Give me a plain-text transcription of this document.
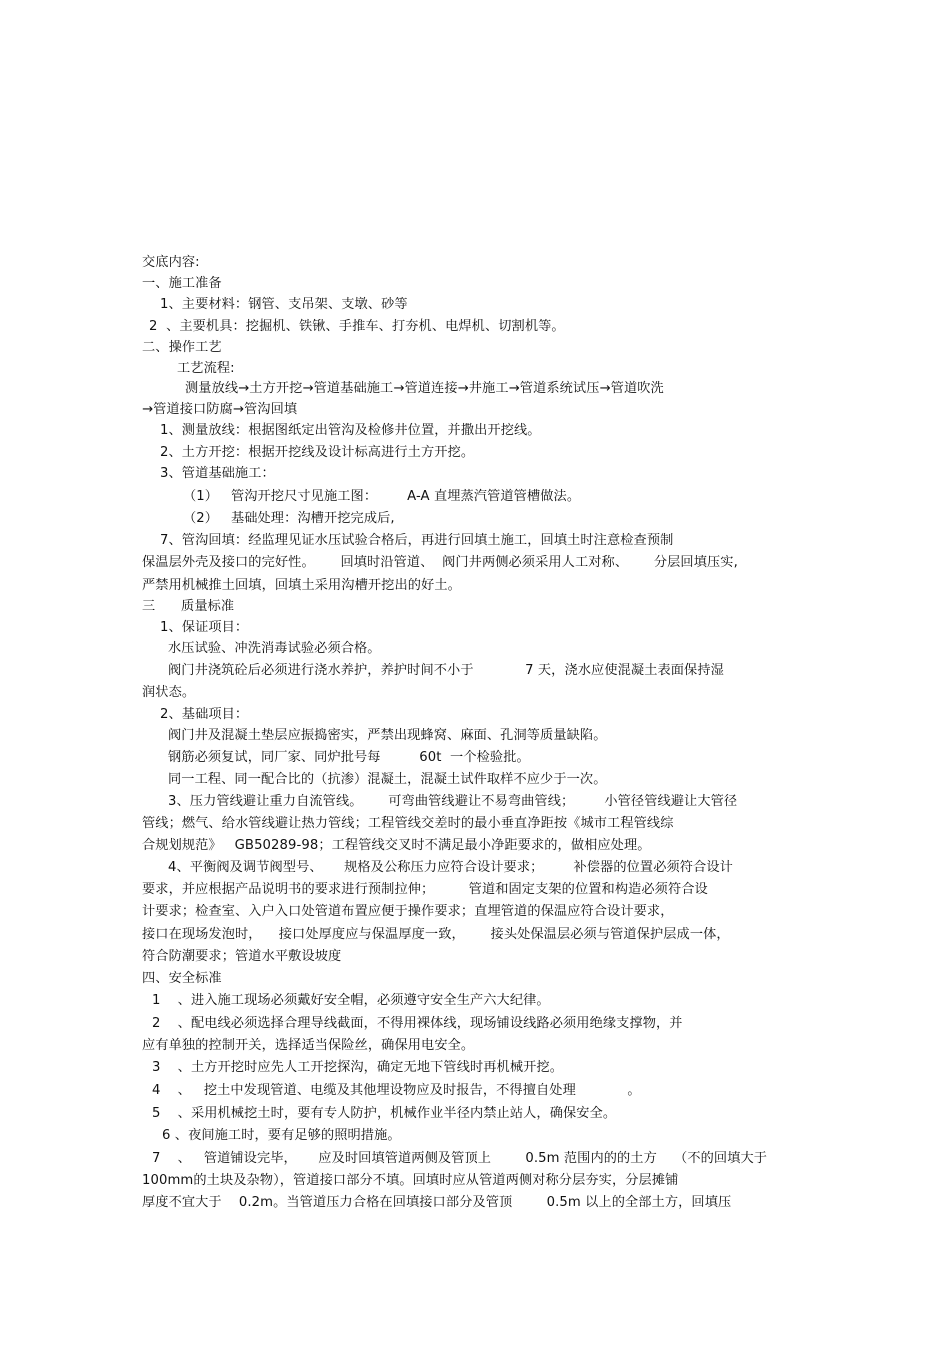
交底内容:
一、施工准备
1、主要材料：钢管、支吊架、支墩、砂等
2  、主要机具：挖掘机、铁锹、手推车、打夯机、电焊机、切割机等。
二、操作工艺
工艺流程:
测量放线→土方开挖→管道基础施工→管道连接→井施工→管道系统试压→管道吹洗
→管道接口防腐→管沟回填
1、测量放线：根据图纸定出管沟及检修井位置，并撒出开挖线。
2、土方开挖：根据开挖线及设计标高进行土方开挖。
3、管道基础施工：
（1）   管沟开挖尺寸见施工图：       A-A 直埋蒸汽管道管槽做法。
（2）   基础处理：沟槽开挖完成后,
7、管沟回填：经监理见证水压试验合格后，再进行回填土施工，回填土时注意检查预制
保温层外壳及接口的完好性。      回填时沿管道、  阀门井两侧必须采用人工对称、      分层回填压实,
严禁用机械推土回填，回填土采用沟槽开挖出的好土。
三      质量标准
1、保证项目：
水压试验、冲洗消毒试验必须合格。
阀门井浇筑砼后必须进行浇水养护，养护时间不小于            7 天，浇水应使混凝土表面保持湿
润状态。
2、基础项目：
阀门井及混凝土垫层应振捣密实，严禁出现蜂窝、麻面、孔洞等质量缺陷。
钢筋必须复试，同厂家、同炉批号每         60t  一个检验批。
同一工程、同一配合比的（抗渗）混凝土，混凝土试件取样不应少于一次。
3、压力管线避让重力自流管线。      可弯曲管线避让不易弯曲管线；       小管径管线避让大管径
管线；燃气、给水管线避让热力管线；工程管线交差时的最小垂直净距按《城市工程管线综
合规划规范》   GB50289-98；工程管线交叉时不满足最小净距要求的，做相应处理。
4、平衡阀及调节阀型号、     规格及公称压力应符合设计要求；       补偿器的位置必须符合设计
要求，并应根据产品说明书的要求进行预制拉伸；        管道和固定支架的位置和构造必须符合设
计要求；检查室、入户入口处管道布置应便于操作要求；直埋管道的保温应符合设计要求，
接口在现场发泡时，    接口处厚度应与保温厚度一致，      接头处保温层必须与管道保护层成一体，
符合防潮要求；管道水平敷设坡度
四、安全标准
1    、进入施工现场必须戴好安全帽，必须遵守安全生产六大纪律。
2    、配电线必须选择合理导线截面，不得用裸体线，现场铺设线路必须用绝缘支撑物，并
应有单独的控制开关，选择适当保险丝，确保用电安全。
3    、土方开挖时应先人工开挖探沟，确定无地下管线时再机械开挖。
4    、   挖土中发现管道、电缆及其他埋设物应及时报告，不得擅自处理            。
5    、采用机械挖土时，要有专人防护，机械作业半径内禁止站人，确保安全。
6 、夜间施工时，要有足够的照明措施。
7    、   管道铺设完毕，     应及时回填管道两侧及管顶上        0.5m 范围内的的土方    （不的回填大于
100mm的土块及杂物），管道接口部分不填。回填时应从管道两侧对称分层夯实，分层摊铺
厚度不宜大于    0.2m。当管道压力合格在回填接口部分及管顶        0.5m 以上的全部土方，回填压
